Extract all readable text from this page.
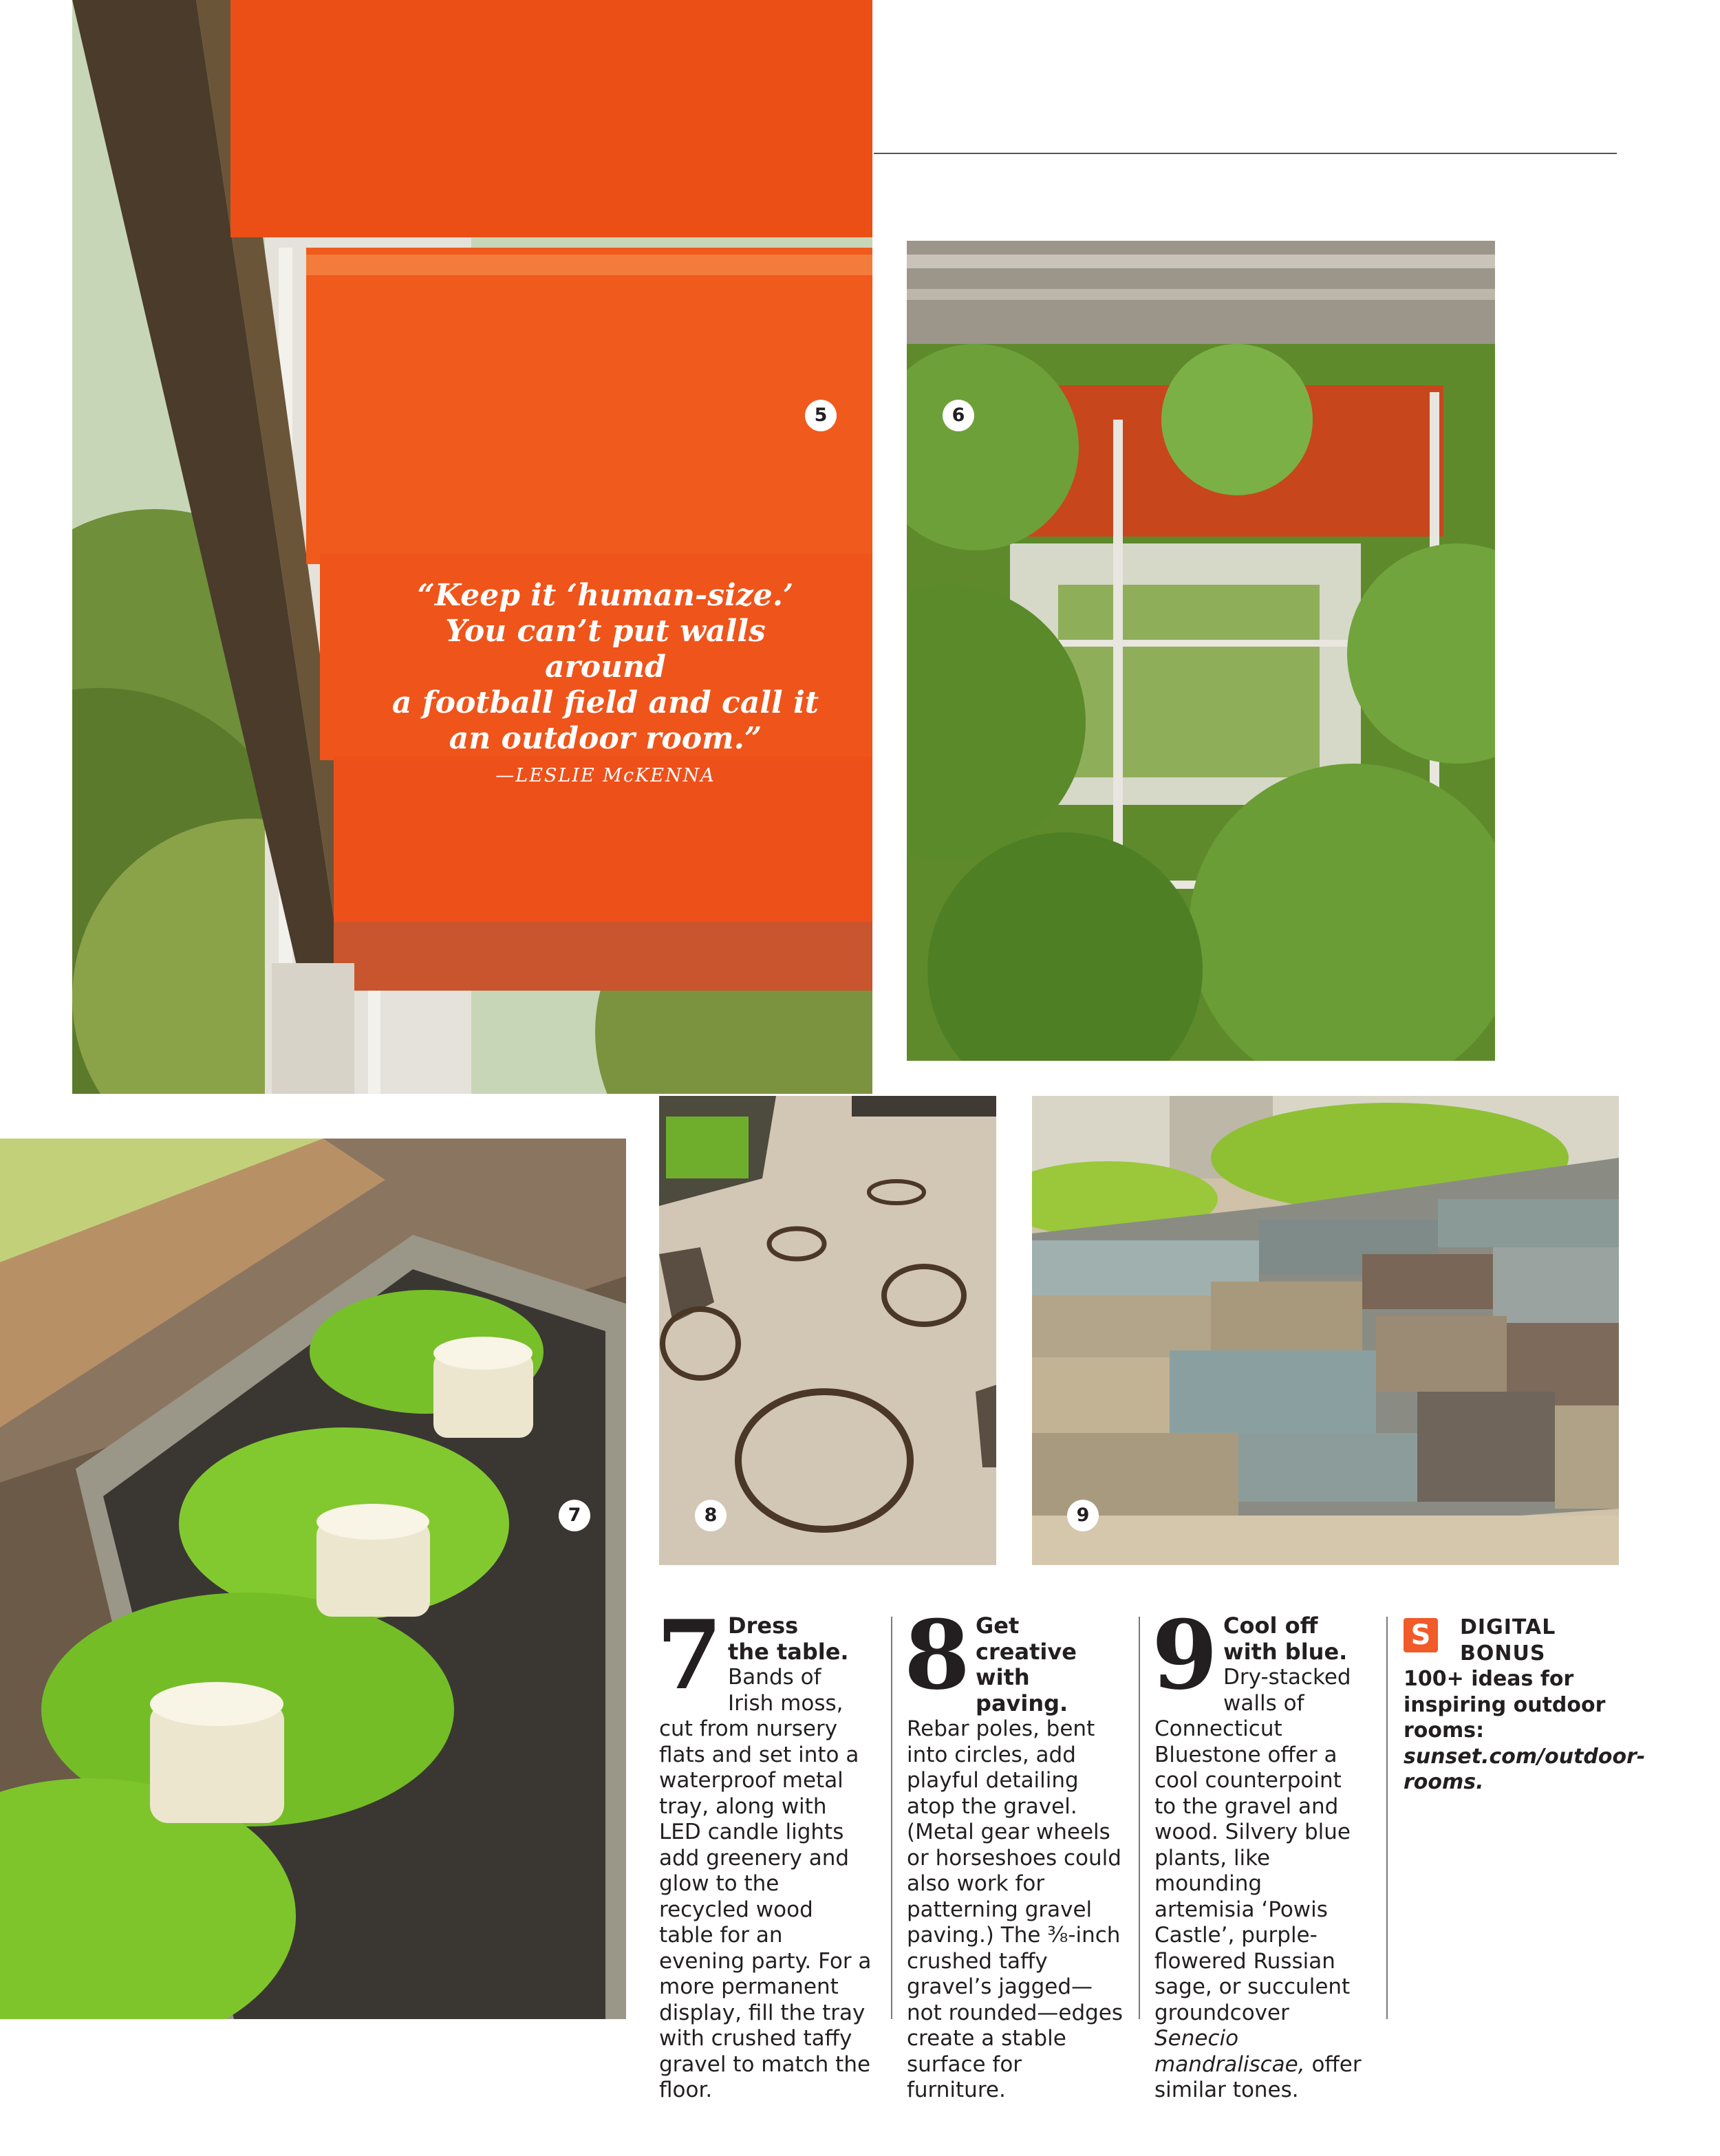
5
“Keep it ‘human-size.’
You can’t put walls around
a football field and call it
an outdoor room.”
—LESLIE McKENNA
6
7	8	9
7 Dress
the table.
Bands of Irish moss, cut from nursery flats and set into a waterproof metal tray, along with LED candle lights add greenery and glow to the recycled wood table for an evening party. For a more permanent display, fill the tray with crushed taffy gravel to match the floor.
8 Get creative
with paving.
Rebar poles, bent into circles, add playful detailing atop the gravel. (Metal gear wheels or horseshoes could also work for patterning gravel paving.) The ⅜-inch crushed taffy gravel’s jagged—not rounded—edges create a stable surface for furniture.
9 Cool off
with blue.
Dry-stacked walls of Connecticut Bluestone offer a cool counterpoint to the gravel and wood. Silvery blue plants, like mounding artemisia ‘Powis Castle’, purple-flowered Russian sage, or succulent groundcover Senecio mandraliscae, offer similar tones.
S	DIGITAL
BONUS
100+ ideas for inspiring outdoor rooms: sunset.com/outdoor-rooms.
